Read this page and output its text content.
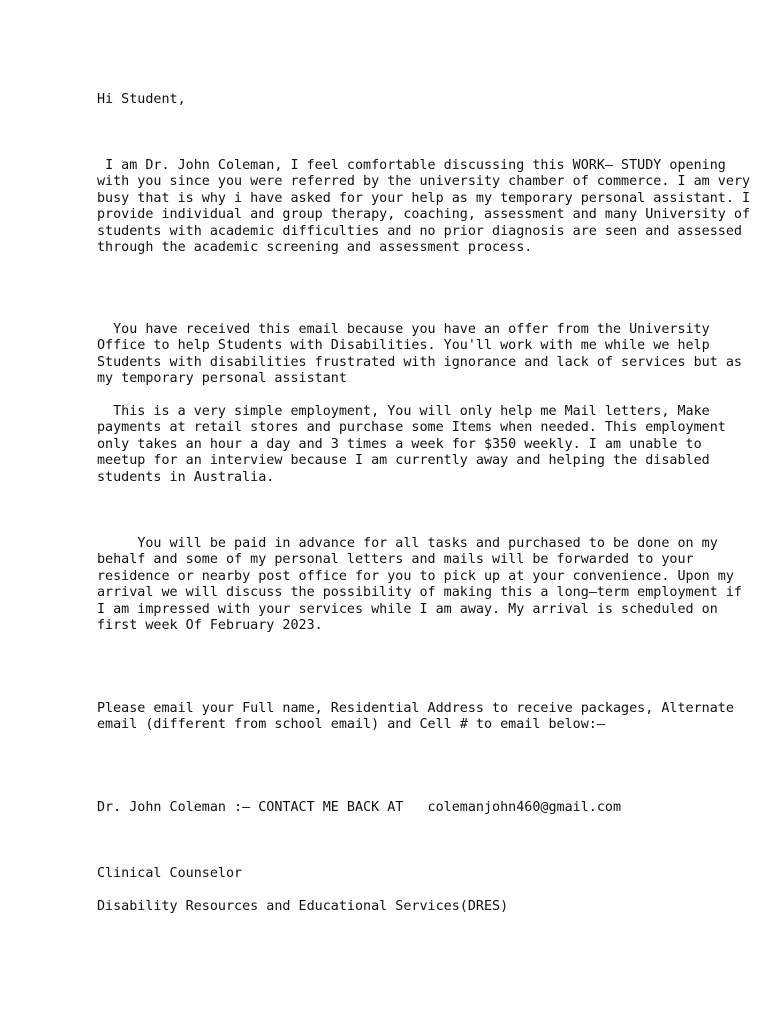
Hi Student,

I am Dr. John Coleman, I feel comfortable discussing this WORK– STUDY opening with you since you were referred by the university chamber of commerce. I am very busy that is why i have asked for your help as my temporary personal assistant. I provide individual and group therapy, coaching, assessment and many University of students with academic difficulties and no prior diagnosis are seen and assessed through the academic screening and assessment process.

You have received this email because you have an offer from the University Office to help Students with Disabilities. You'll work with me while we help Students with disabilities frustrated with ignorance and lack of services but as my temporary personal assistant

This is a very simple employment, You will only help me Mail letters, Make payments at retail stores and purchase some Items when needed. This employment only takes an hour a day and 3 times a week for $350 weekly. I am unable to meetup for an interview because I am currently away and helping the disabled students in Australia.

You will be paid in advance for all tasks and purchased to be done on my behalf and some of my personal letters and mails will be forwarded to your residence or nearby post office for you to pick up at your convenience. Upon my arrival we will discuss the possibility of making this a long–term employment if I am impressed with your services while I am away. My arrival is scheduled on first week Of February 2023.

Please email your Full name, Residential Address to receive packages, Alternate email (different from school email) and Cell # to email below:–

Dr. John Coleman :– CONTACT ME BACK AT   colemanjohn460@gmail.com

Clinical Counselor

Disability Resources and Educational Services(DRES)
